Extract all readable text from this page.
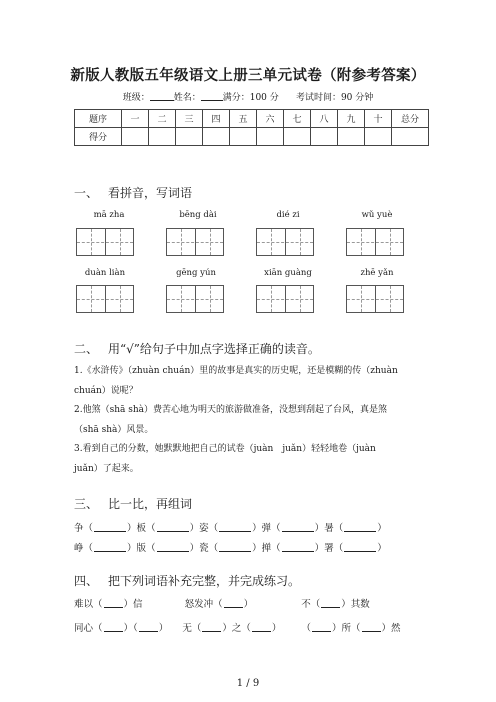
新版人教版五年级语文上册三单元试卷（附参考答案）
班级：	姓名： 满分：100 分 考试时间：90 分钟
题序	一	二	三	四	五	六	七	八	九	十	总分
得分											
一、 看拼音，写词语
mā zha	bēng dài	dié zi	wǔ yuè
duàn liàn	gēng yún	xiān guàng	zhē yǎn
二、 用“√”给句子中加点字选择正确的读音。
1.《水浒传》（zhuàn chuán）里的故事是真实的历史呢，还是模糊的传（zhuàn
chuán）说呢？
2.他煞（shā shà）费苦心地为明天的旅游做准备，没想到刮起了台风，真是煞
（shā shà）风景。
3.看到自己的分数，她默默地把自己的试卷（juàn　juǎn）轻轻地卷（juàn
juǎn）了起来。
三、 比一比，再组词
争（	）板（	）姿（	）弹（	）暑（	）
峥（	）版（	）瓷（	）掸（	）署（	）
四、 把下列词语补充完整，并完成练习。
难以（ ）信	怒发冲（ ）	不（ ）其数
同心（ ）（ ） 无（ ）之（ ） （ ）所（ ）然
1 / 9
